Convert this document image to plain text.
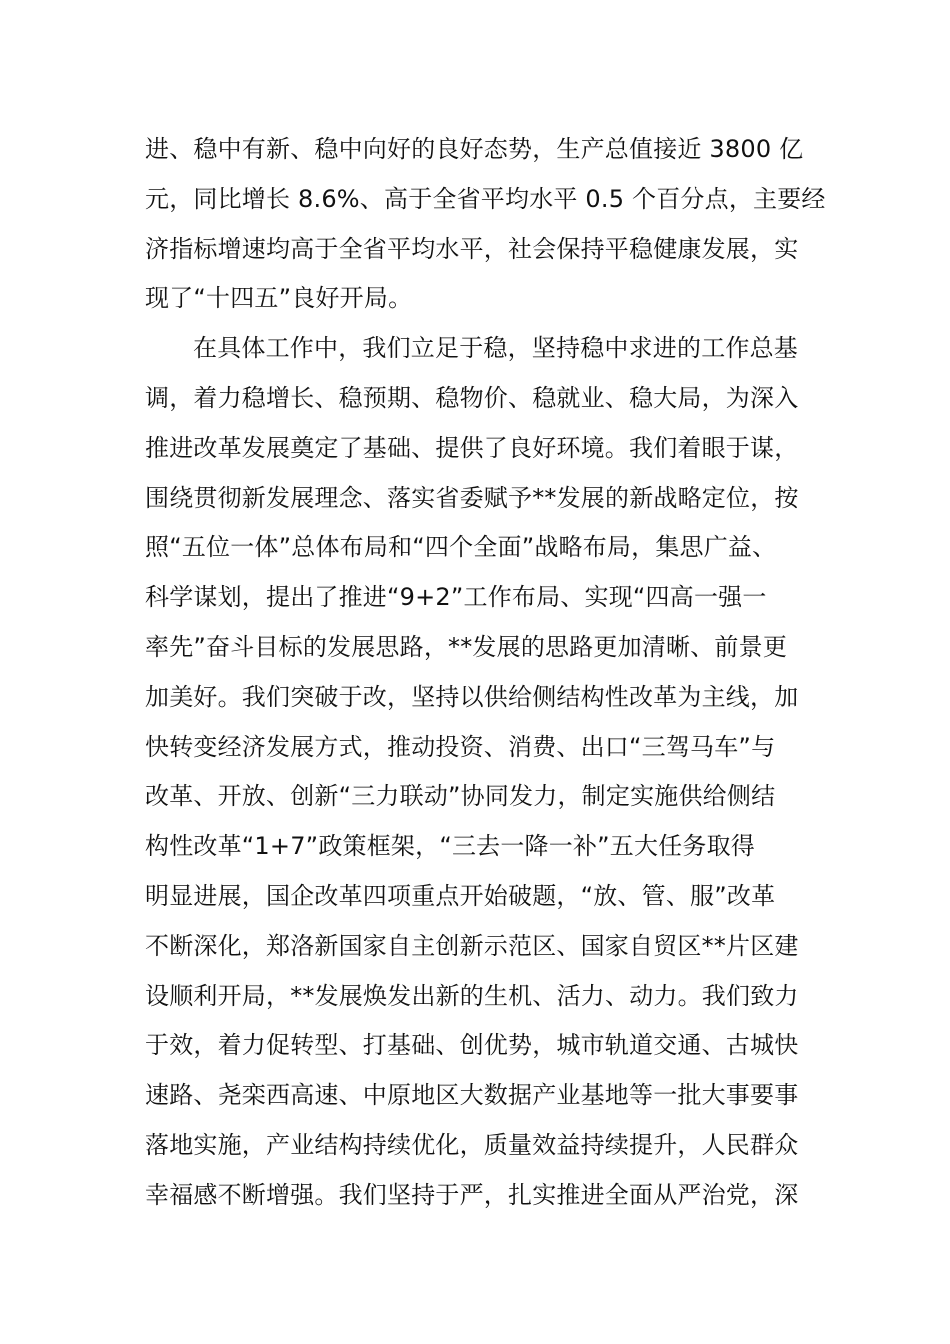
进、稳中有新、稳中向好的良好态势，生产总值接近 3800 亿
元，同比增长 8.6%、高于全省平均水平 0.5 个百分点，主要经
济指标增速均高于全省平均水平，社会保持平稳健康发展，实
现了“十四五”良好开局。
在具体工作中，我们立足于稳，坚持稳中求进的工作总基
调，着力稳增长、稳预期、稳物价、稳就业、稳大局，为深入
推进改革发展奠定了基础、提供了良好环境。我们着眼于谋，
围绕贯彻新发展理念、落实省委赋予**发展的新战略定位，按
照“五位一体”总体布局和“四个全面”战略布局，集思广益、
科学谋划，提出了推进“9+2”工作布局、实现“四高一强一
率先”奋斗目标的发展思路，**发展的思路更加清晰、前景更
加美好。我们突破于改，坚持以供给侧结构性改革为主线，加
快转变经济发展方式，推动投资、消费、出口“三驾马车”与
改革、开放、创新“三力联动”协同发力，制定实施供给侧结
构性改革“1+7”政策框架，“三去一降一补”五大任务取得
明显进展，国企改革四项重点开始破题，“放、管、服”改革
不断深化，郑洛新国家自主创新示范区、国家自贸区**片区建
设顺利开局，**发展焕发出新的生机、活力、动力。我们致力
于效，着力促转型、打基础、创优势，城市轨道交通、古城快
速路、尧栾西高速、中原地区大数据产业基地等一批大事要事
落地实施，产业结构持续优化，质量效益持续提升，人民群众
幸福感不断增强。我们坚持于严，扎实推进全面从严治党，深
